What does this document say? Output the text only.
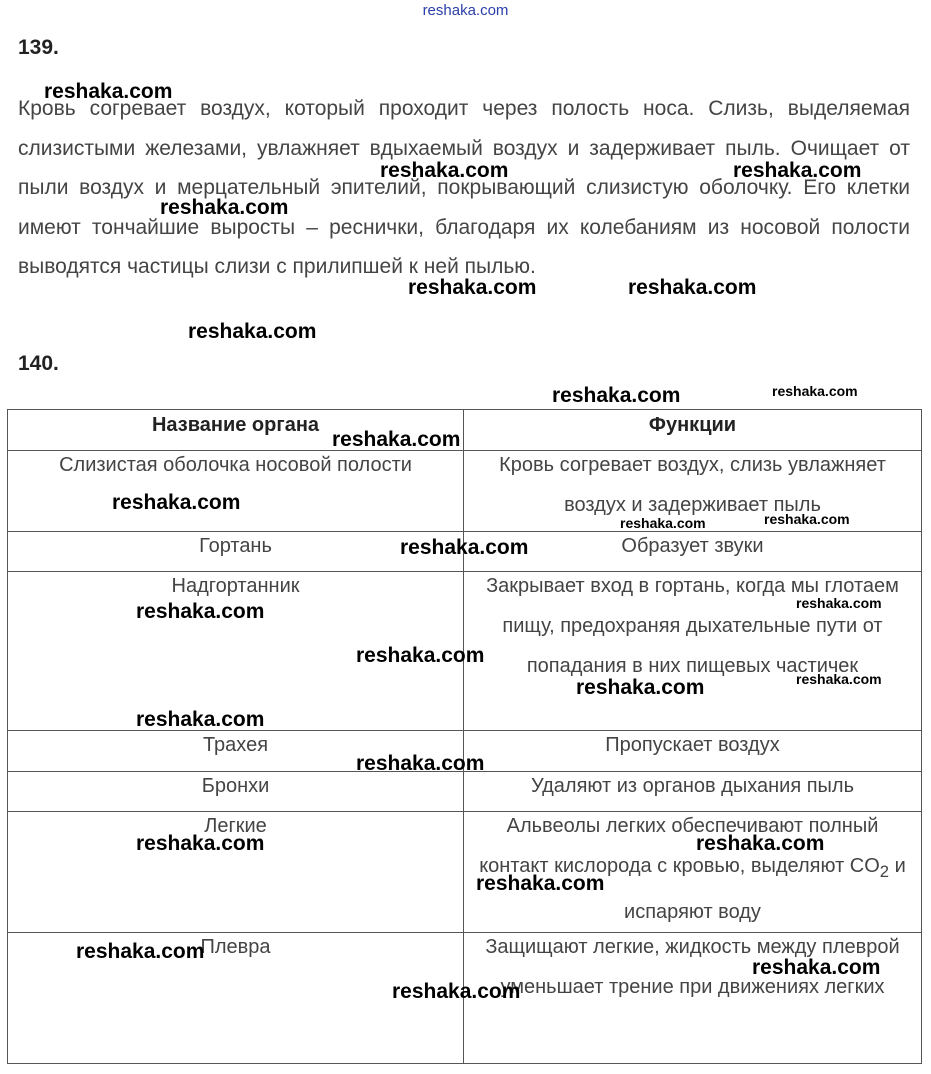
reshaka.com
139.

Кровь согревает воздух, который проходит через полость носа. Слизь, выделяемая слизистыми железами, увлажняет вдыхаемый воздух и задерживает пыль. Очищает от пыли воздух и мерцательный эпителий, покрывающий слизистую оболочку. Его клетки имеют тончайшие выросты – реснички, благодаря их колебаниям из носовой полости выводятся частицы слизи с прилипшей к ней пылью.

140.
Название органа	Функции

Слизистая оболочка носовой полости	Кровь согревает воздух, слизь увлажняет воздух и задерживает пыль

Гортань	Образует звуки

Надгортанник	Закрывает вход в гортань, когда мы глотаем пищу, предохраняя дыхательные пути от попадания в них пищевых частичек

Трахея	Пропускает воздух

Бронхи	Удаляют из органов дыхания пыль

Легкие	Альвеолы легких обеспечивают полный контакт кислорода с кровью, выделяют $CO_2$ и испаряют воду

Плевра	Защищают легкие, жидкость между плеврой уменьшает трение при движениях легких
reshaka.com
reshaka.com	reshaka.com
reshaka.com
reshaka.com	reshaka.com
reshaka.com
reshaka.com	reshaka.com
reshaka.com
reshaka.com
reshaka.com	reshaka.com
reshaka.com
reshaka.com
reshaka.com
reshaka.com
reshaka.com	reshaka.com
reshaka.com
reshaka.com
reshaka.com	reshaka.com
reshaka.com
reshaka.com
reshaka.com
reshaka.com
